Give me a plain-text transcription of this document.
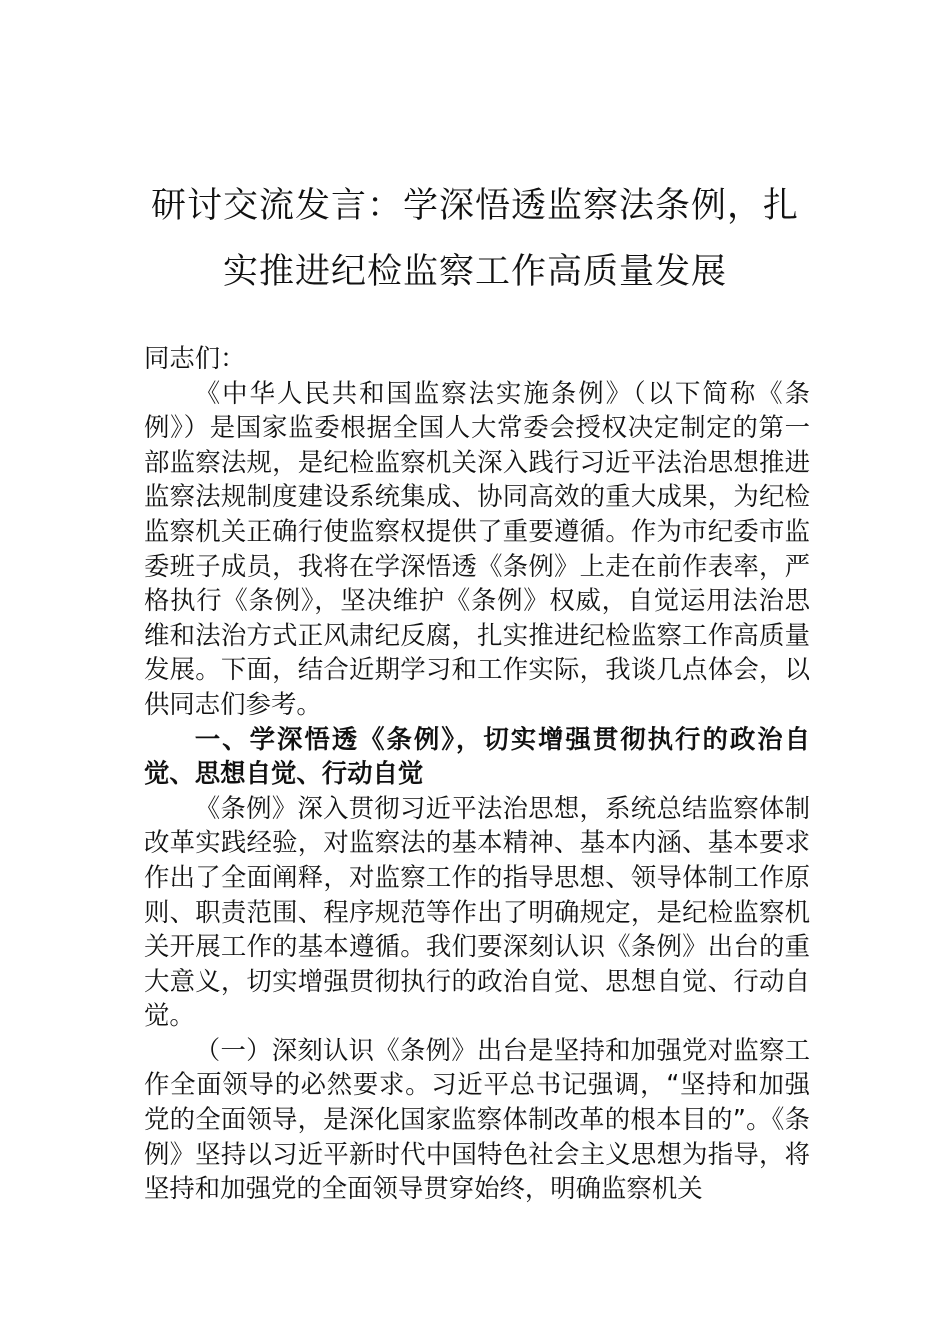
研讨交流发言：学深悟透监察法条例，扎
实推进纪检监察工作高质量发展

同志们：

《中华人民共和国监察法实施条例》（以下简称《条例》）是国家监委根据全国人大常委会授权决定制定的第一部监察法规，是纪检监察机关深入践行习近平法治思想推进监察法规制度建设系统集成、协同高效的重大成果，为纪检监察机关正确行使监察权提供了重要遵循。作为市纪委市监委班子成员，我将在学深悟透《条例》上走在前作表率，严格执行《条例》，坚决维护《条例》权威，自觉运用法治思维和法治方式正风肃纪反腐，扎实推进纪检监察工作高质量发展。下面，结合近期学习和工作实际，我谈几点体会，以供同志们参考。

一、学深悟透《条例》，切实增强贯彻执行的政治自觉、思想自觉、行动自觉

《条例》深入贯彻习近平法治思想，系统总结监察体制改革实践经验，对监察法的基本精神、基本内涵、基本要求作出了全面阐释，对监察工作的指导思想、领导体制工作原则、职责范围、程序规范等作出了明确规定，是纪检监察机关开展工作的基本遵循。我们要深刻认识《条例》出台的重大意义，切实增强贯彻执行的政治自觉、思想自觉、行动自觉。

（一）深刻认识《条例》出台是坚持和加强党对监察工作全面领导的必然要求。习近平总书记强调，“坚持和加强党的全面领导，是深化国家监察体制改革的根本目的”。《条例》坚持以习近平新时代中国特色社会主义思想为指导，将坚持和加强党的全面领导贯穿始终，明确监察机关
